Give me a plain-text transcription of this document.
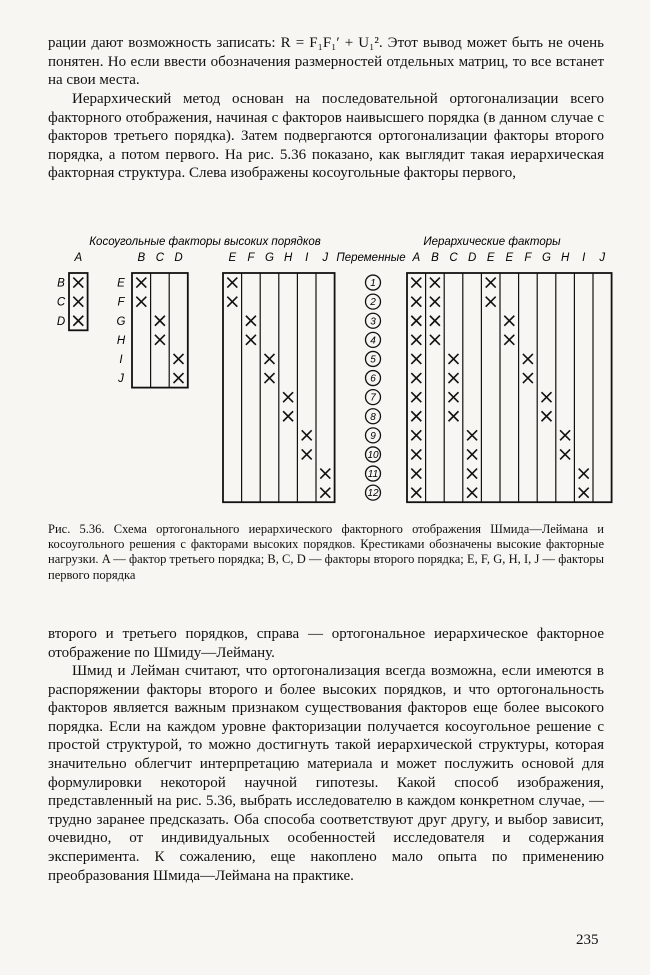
рации дают возможность записать: R = F₁F₁′ + U₁². Этот вывод может быть не очень понятен. Но если ввести обозначения размерностей отдельных матриц, то все встанет на свои места.

Иерархический метод основан на последовательной ортогонализации всего факторного отображения, начиная с факторов наивысшего порядка (в данном случае с факторов третьего порядка). Затем подвергаются ортогонализации факторы второго порядка, а потом первого. На рис. 5.36 показано, как выглядит такая иерархическая факторная структура. Слева изображены косоугольные факторы первого,

Косоугольные факторы высоких порядков
Переменные
Иерархические факторы
A
B
C
D
B C D
E
F
G
H
I
J
E F G H I J
1
2
3
4
5
6
7
8
9
10
11
12
A B C D E E F G H I J

Рис. 5.36. Схема ортогонального иерархического факторного отображения Шмида—Леймана и косоугольного решения с факторами высоких порядков. Крестиками обозначены высокие факторные нагрузки. A — фактор третьего порядка; B, C, D — факторы второго порядка; E, F, G, H, I, J — факторы первого порядка

второго и третьего порядков, справа — ортогональное иерархическое факторное отображение по Шмиду—Лейману.

Шмид и Лейман считают, что ортогонализация всегда возможна, если имеются в распоряжении факторы второго и более высоких порядков, и что ортогональность факторов является важным признаком существования факторов еще более высокого порядка. Если на каждом уровне факторизации получается косоугольное решение с простой структурой, то можно достигнуть такой иерархической структуры, которая значительно облегчит интерпретацию материала и может послужить основой для формулировки некоторой научной гипотезы. Какой способ изображения, представленный на рис. 5.36, выбрать исследователю в каждом конкретном случае, — трудно заранее предсказать. Оба способа соответствуют друг другу, и выбор зависит, очевидно, от индивидуальных особенностей исследователя и содержания эксперимента. К сожалению, еще накоплено мало опыта по применению преобразования Шмида—Леймана на практике.

235
